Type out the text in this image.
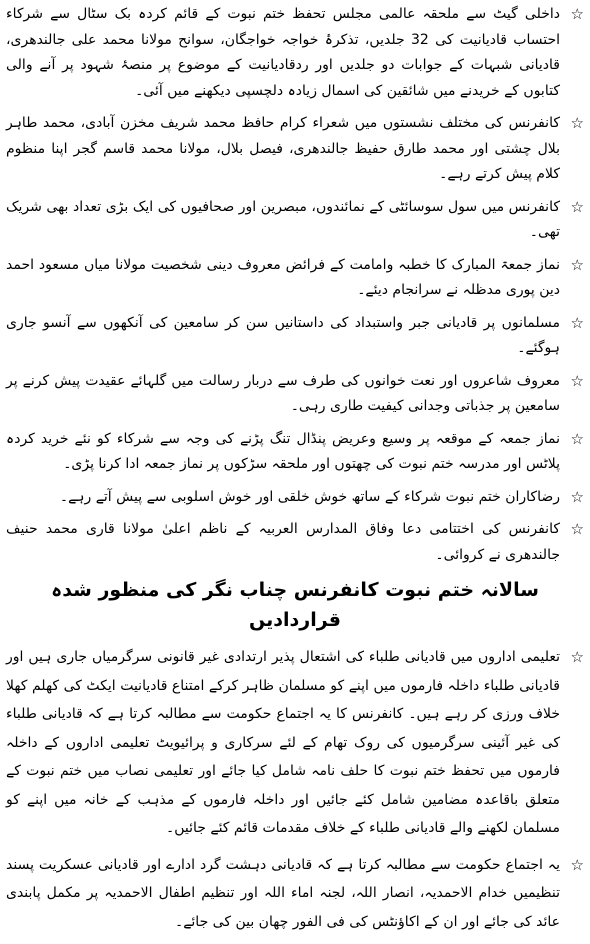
☆
داخلی گیٹ سے ملحقہ عالمی مجلس تحفظ ختم نبوت کے قائم کردہ بک سٹال سے شرکاء احتساب قادیانیت کی 32 جلدیں، تذکرۂ خواجہ خواجگان، سوانح مولانا محمد علی جالندھری، قادیانی شبہات کے جوابات دو جلدیں اور ردقادیانیت کے موضوع پر منصۂ شہود پر آنے والی کتابوں کے خریدنے میں شائقین کی اسمال زیادہ دلچسپی دیکھنے میں آئی۔
☆
کانفرنس کی مختلف نشستوں میں شعراء کرام حافظ محمد شریف مخزن آبادی، محمد طاہر بلال چشتی اور محمد طارق حفیظ جالندھری، فیصل بلال، مولانا محمد قاسم گجر اپنا منظوم کلام پیش کرتے رہے۔
☆
کانفرنس میں سول سوسائٹی کے نمائندوں، مبصرین اور صحافیوں کی ایک بڑی تعداد بھی شریک تھی۔
☆
نماز جمعۃ المبارک کا خطبہ وامامت کے فرائض معروف دینی شخصیت مولانا میاں مسعود احمد دین پوری مدظلہ نے سرانجام دیئے۔
☆
مسلمانوں پر قادیانی جبر واستبداد کی داستانیں سن کر سامعین کی آنکھوں سے آنسو جاری ہوگئے۔
☆
معروف شاعروں اور نعت خوانوں کی طرف سے دربار رسالت میں گلہائے عقیدت پیش کرنے پر سامعین پر جذباتی وجدانی کیفیت طاری رہی۔
☆
نماز جمعہ کے موقعہ پر وسیع وعریض پنڈال تنگ پڑنے کی وجہ سے شرکاء کو نئے خرید کردہ پلاٹس اور مدرسہ ختم نبوت کی چھتوں اور ملحقہ سڑکوں پر نماز جمعہ ادا کرنا پڑی۔
☆
رضاکاران ختم نبوت شرکاء کے ساتھ خوش خلقی اور خوش اسلوبی سے پیش آتے رہے۔
☆
کانفرنس کی اختتامی دعا وفاق المدارس العربیہ کے ناظم اعلیٰ مولانا قاری محمد حنیف جالندھری نے کروائی۔
سالانہ ختم نبوت کانفرنس چناب نگر کی منظور شدہ قراردادیں
☆
تعلیمی اداروں میں قادیانی طلباء کی اشتعال پذیر ارتدادی غیر قانونی سرگرمیاں جاری ہیں اور قادیانی طلباء داخلہ فارموں میں اپنے کو مسلمان ظاہر کرکے امتناع قادیانیت ایکٹ کی کھلم کھلا خلاف ورزی کر رہے ہیں۔ کانفرنس کا یہ اجتماع حکومت سے مطالبہ کرتا ہے کہ قادیانی طلباء کی غیر آئینی سرگرمیوں کی روک تھام کے لئے سرکاری و پرائیویٹ تعلیمی اداروں کے داخلہ فارموں میں تحفظ ختم نبوت کا حلف نامہ شامل کیا جائے اور تعلیمی نصاب میں ختم نبوت کے متعلق باقاعدہ مضامین شامل کئے جائیں اور داخلہ فارموں کے مذہب کے خانہ میں اپنے کو مسلمان لکھنے والے قادیانی طلباء کے خلاف مقدمات قائم کئے جائیں۔
☆
یہ اجتماع حکومت سے مطالبہ کرتا ہے کہ قادیانی دہشت گرد ادارے اور قادیانی عسکریت پسند تنظیمیں خدام الاحمدیہ، انصار اللہ، لجنہ اماء اللہ اور تنظیم اطفال الاحمدیہ پر مکمل پابندی عائد کی جائے اور ان کے اکاؤنٹس کی فی الفور چھان بین کی جائے۔
